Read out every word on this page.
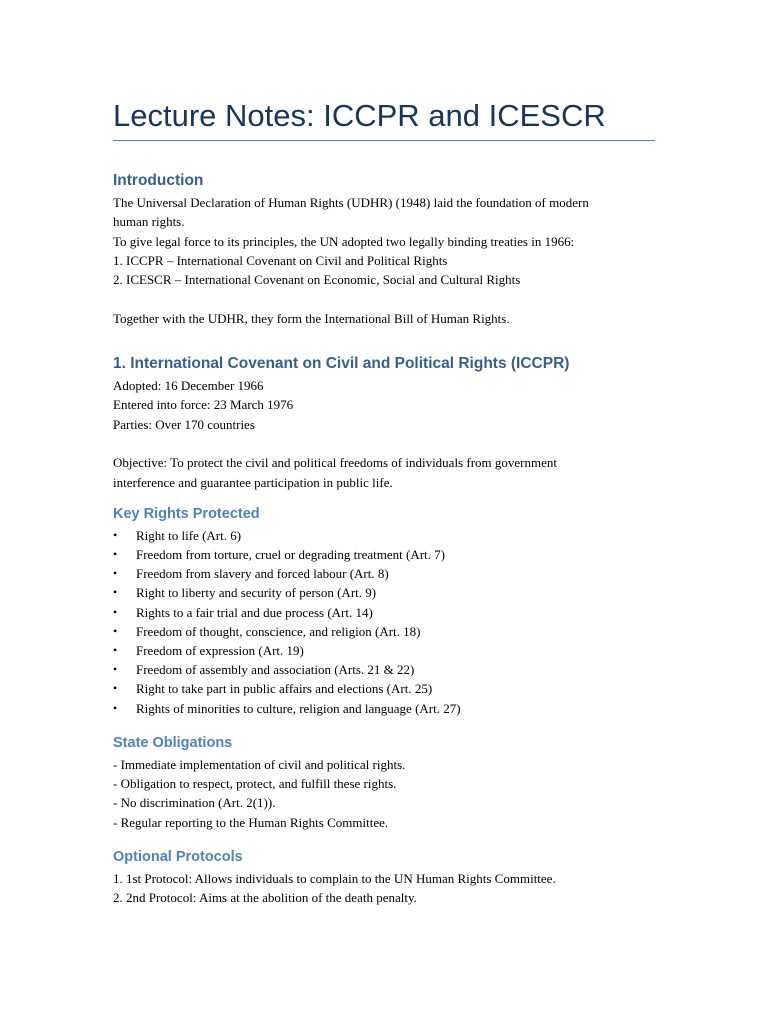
Lecture Notes: ICCPR and ICESCR
Introduction

The Universal Declaration of Human Rights (UDHR) (1948) laid the foundation of modern

human rights.

To give legal force to its principles, the UN adopted two legally binding treaties in 1966:

1. ICCPR – International Covenant on Civil and Political Rights

2. ICESCR – International Covenant on Economic, Social and Cultural Rights

Together with the UDHR, they form the International Bill of Human Rights.

1. International Covenant on Civil and Political Rights (ICCPR)

Adopted: 16 December 1966

Entered into force: 23 March 1976

Parties: Over 170 countries

Objective: To protect the civil and political freedoms of individuals from government

interference and guarantee participation in public life.

Key Rights Protected
• Right to life (Art. 6)
• Freedom from torture, cruel or degrading treatment (Art. 7)
• Freedom from slavery and forced labour (Art. 8)
• Right to liberty and security of person (Art. 9)
• Rights to a fair trial and due process (Art. 14)
• Freedom of thought, conscience, and religion (Art. 18)
• Freedom of expression (Art. 19)
• Freedom of assembly and association (Arts. 21 & 22)
• Right to take part in public affairs and elections (Art. 25)
• Rights of minorities to culture, religion and language (Art. 27)
State Obligations

- Immediate implementation of civil and political rights.

- Obligation to respect, protect, and fulfill these rights.

- No discrimination (Art. 2(1)).

- Regular reporting to the Human Rights Committee.

Optional Protocols

1. 1st Protocol: Allows individuals to complain to the UN Human Rights Committee.

2. 2nd Protocol: Aims at the abolition of the death penalty.
